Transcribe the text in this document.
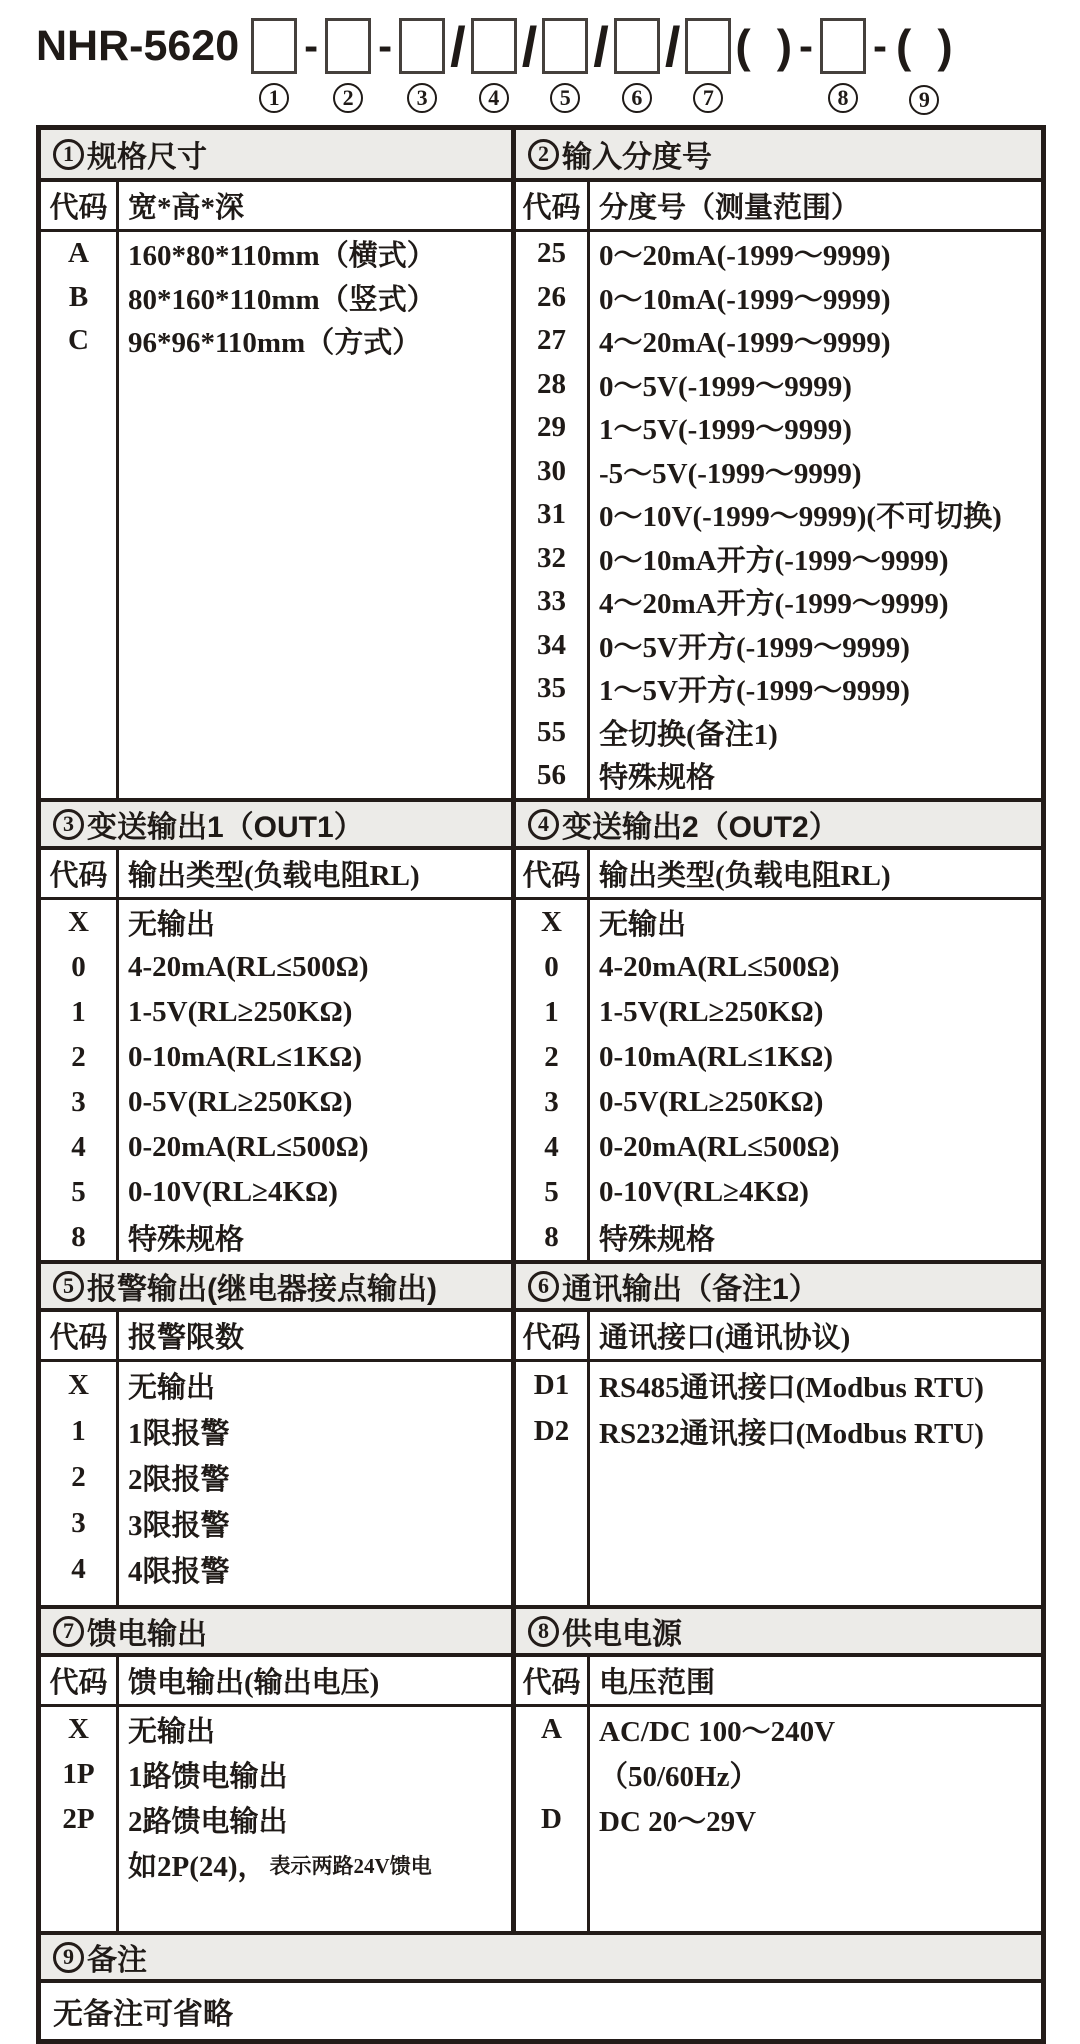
NHR-5620
1
-
2
-
3
/
4
/
5
/
6
/
7
( ) -
8
- ( )
9
1 规格尺寸
代码 宽*高*深
A
B
C
160*80*110mm（横式）
80*160*110mm（竖式）
96*96*110mm（方式）
2 输入分度号
代码 分度号（测量范围）
25
26
27
28
29
30
31
32
33
34
35
55
56
0～20mA(-1999～9999)
0～10mA(-1999～9999)
4～20mA(-1999～9999)
0～5V(-1999～9999)
1～5V(-1999～9999)
-5～5V(-1999～9999)
0～10V(-1999～9999)(不可切换)
0～10mA开方(-1999～9999)
4～20mA开方(-1999～9999)
0～5V开方(-1999～9999)
1～5V开方(-1999～9999)
全切换(备注1)
特殊规格
3 变送输出1（OUT1）
代码 输出类型(负载电阻RL)
X
0
1
2
3
4
5
8
无输出
4-20mA(RL≤500Ω)
1-5V(RL≥250KΩ)
0-10mA(RL≤1KΩ)
0-5V(RL≥250KΩ)
0-20mA(RL≤500Ω)
0-10V(RL≥4KΩ)
特殊规格
4 变送输出2（OUT2）
代码 输出类型(负载电阻RL)
X
0
1
2
3
4
5
8
无输出
4-20mA(RL≤500Ω)
1-5V(RL≥250KΩ)
0-10mA(RL≤1KΩ)
0-5V(RL≥250KΩ)
0-20mA(RL≤500Ω)
0-10V(RL≥4KΩ)
特殊规格
5 报警输出(继电器接点输出)
代码 报警限数
X
1
2
3
4
无输出
1限报警
2限报警
3限报警
4限报警
6 通讯输出（备注1）
代码 通讯接口(通讯协议)
D1
D2
RS485通讯接口(Modbus RTU)
RS232通讯接口(Modbus RTU)
7 馈电输出
代码 馈电输出(输出电压)
X
1P
2P
无输出
1路馈电输出
2路馈电输出
如2P(24)， 表示两路24V馈电
8 供电电源
代码 电压范围
A
D
AC/DC 100～240V
（50/60Hz）
DC 20～29V
9 备注
无备注可省略
